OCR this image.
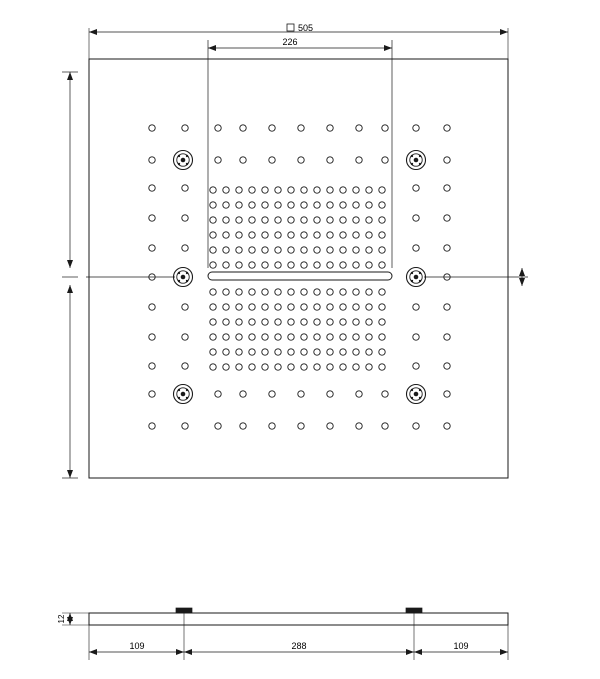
505
226
12
109	288	109
